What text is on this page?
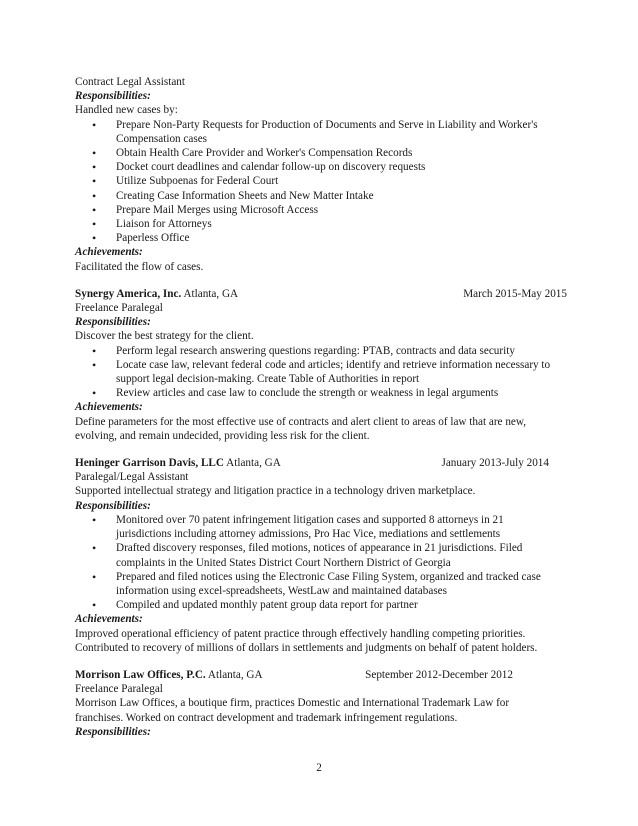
Contract Legal Assistant
Responsibilities:
Handled new cases by:
• Prepare Non-Party Requests for Production of Documents and Serve in Liability and Worker's Compensation cases
• Obtain Health Care Provider and Worker's Compensation Records
• Docket court deadlines and calendar follow-up on discovery requests
• Utilize Subpoenas for Federal Court
• Creating Case Information Sheets and New Matter Intake
• Prepare Mail Merges using Microsoft Access
• Liaison for Attorneys
• Paperless Office
Achievements:
Facilitated the flow of cases.
Synergy America, Inc. Atlanta, GA	March 2015-May 2015
Freelance Paralegal
Responsibilities:
Discover the best strategy for the client.
• Perform legal research answering questions regarding: PTAB, contracts and data security
• Locate case law, relevant federal code and articles; identify and retrieve information necessary to support legal decision-making. Create Table of Authorities in report
• Review articles and case law to conclude the strength or weakness in legal arguments
Achievements:
Define parameters for the most effective use of contracts and alert client to areas of law that are new, evolving, and remain undecided, providing less risk for the client.
Heninger Garrison Davis, LLC Atlanta, GA	January 2013-July 2014
Paralegal/Legal Assistant
Supported intellectual strategy and litigation practice in a technology driven marketplace.
Responsibilities:
• Monitored over 70 patent infringement litigation cases and supported 8 attorneys in 21 jurisdictions including attorney admissions, Pro Hac Vice, mediations and settlements
• Drafted discovery responses, filed motions, notices of appearance in 21 jurisdictions. Filed complaints in the United States District Court Northern District of Georgia
• Prepared and filed notices using the Electronic Case Filing System, organized and tracked case information using excel-spreadsheets, WestLaw and maintained databases
• Compiled and updated monthly patent group data report for partner
Achievements:
Improved operational efficiency of patent practice through effectively handling competing priorities. Contributed to recovery of millions of dollars in settlements and judgments on behalf of patent holders.
Morrison Law Offices, P.C. Atlanta, GA	September 2012-December 2012
Freelance Paralegal
Morrison Law Offices, a boutique firm, practices Domestic and International Trademark Law for franchises. Worked on contract development and trademark infringement regulations.
Responsibilities:
2
